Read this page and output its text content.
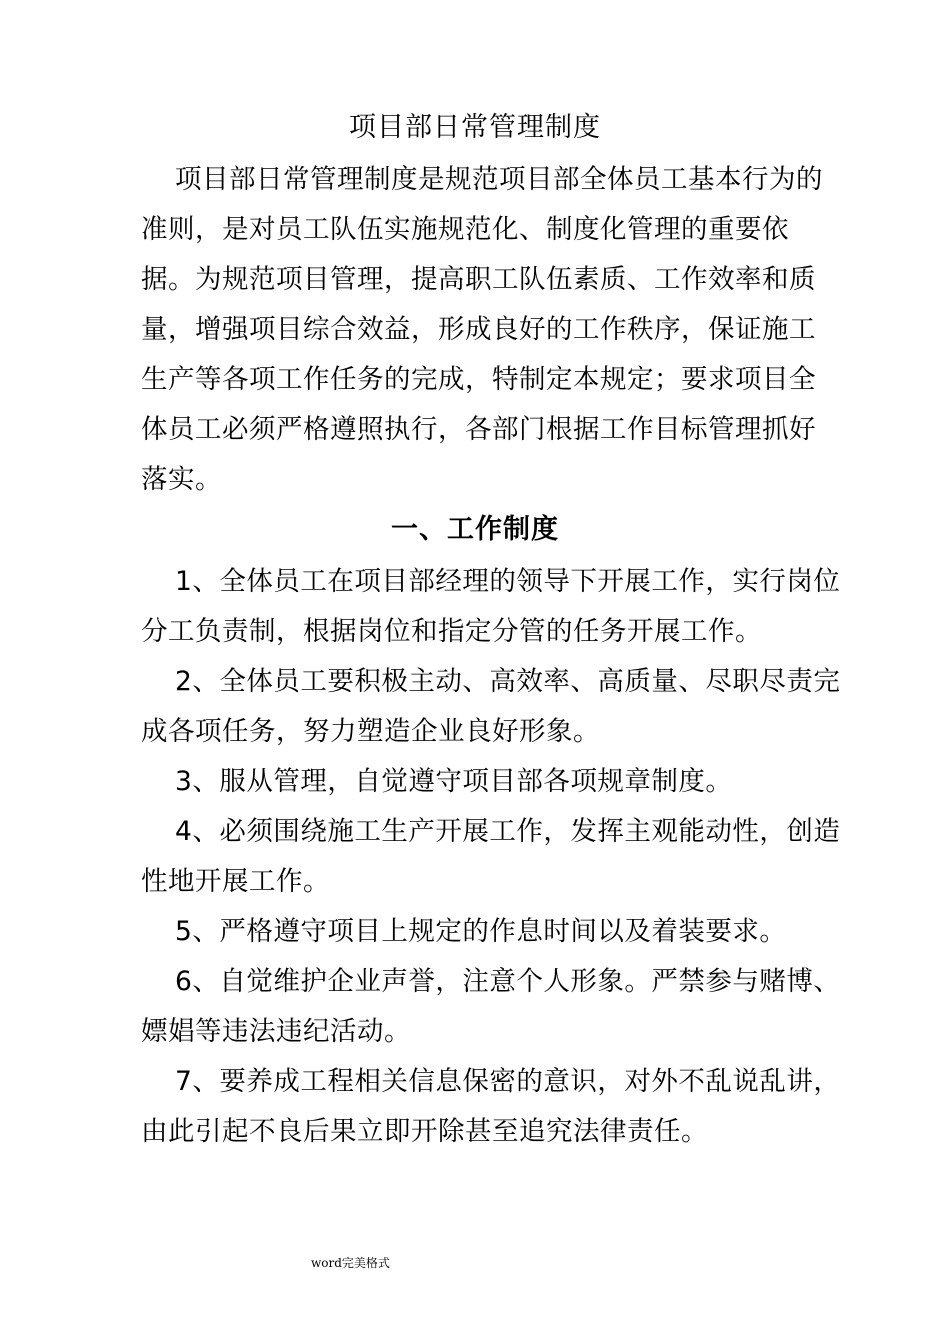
项目部日常管理制度

项目部日常管理制度是规范项目部全体员工基本行为的准则，是对员工队伍实施规范化、制度化管理的重要依据。为规范项目管理，提高职工队伍素质、工作效率和质量，增强项目综合效益，形成良好的工作秩序，保证施工生产等各项工作任务的完成，特制定本规定；要求项目全体员工必须严格遵照执行，各部门根据工作目标管理抓好落实。

一、工作制度

1、全体员工在项目部经理的领导下开展工作，实行岗位分工负责制，根据岗位和指定分管的任务开展工作。

2、全体员工要积极主动、高效率、高质量、尽职尽责完成各项任务，努力塑造企业良好形象。

3、服从管理，自觉遵守项目部各项规章制度。

4、必须围绕施工生产开展工作，发挥主观能动性，创造性地开展工作。

5、严格遵守项目上规定的作息时间以及着装要求。

6、自觉维护企业声誉，注意个人形象。严禁参与赌博、嫖娼等违法违纪活动。

7、要养成工程相关信息保密的意识，对外不乱说乱讲，由此引起不良后果立即开除甚至追究法律责任。

word完美格式
